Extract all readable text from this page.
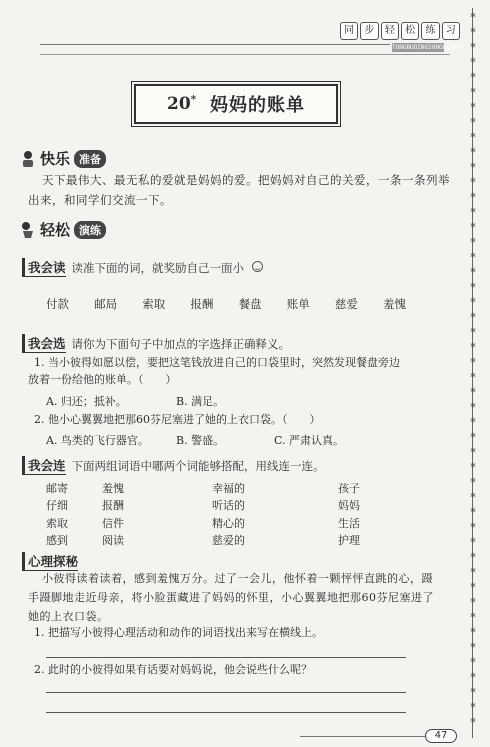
同	步	轻	松	练	习
TONGBUQINGSONGLIANXI
*
*
*
*
*
*
*
*
*
*
*
*
*
*
*
*
*
*
*
*
*
*
*
*
*
*
*
*
*
*
*
*
*
*
*
*
*
*
*
*
*
*
*
*
*
*
*
*
20* 妈妈的账单
快乐 准备
天下最伟大、最无私的爱就是妈妈的爱。把妈妈对自己的关爱，一条一条列举
出来，和同学们交流一下。
轻松 演练
我会读 读准下面的词，就奖励自己一面小
付款 邮局 索取 报酬 餐盘 账单 慈爱 羞愧
我会选 请你为下面句子中加点的字选择正确释义。
1. 当小彼得如愿以偿，要把这笔钱放进自己的口袋里时，突然发现餐盘旁边
放着一份给他的账单。（　　）
A. 归还；抵补。	B. 满足。
2. 他小心翼翼地把那60芬尼塞进了她的上衣口袋。（　　）
A. 鸟类的飞行器官。	B. 警盛。	C. 严肃认真。
我会连 下面两组词语中哪两个词能够搭配，用线连一连。
邮寄	羞愧	幸福的	孩子
仔细	报酬	听话的	妈妈
索取	信件	精心的	生活
感到	阅读	慈爱的	护理
心理探秘
小彼得读着读着，感到羞愧万分。过了一会儿，他怀着一颗怦怦直跳的心，蹑
手蹑脚地走近母亲，将小脸蛋藏进了妈妈的怀里，小心翼翼地把那60芬尼塞进了
她的上衣口袋。
1. 把描写小彼得心理活动和动作的词语找出来写在横线上。
2. 此时的小彼得如果有话要对妈妈说，他会说些什么呢？
47
